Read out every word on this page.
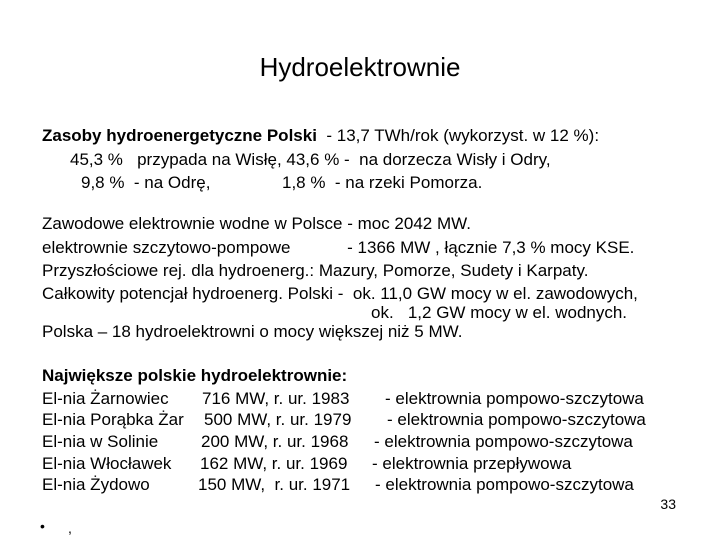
Hydroelektrownie
Zasoby hydroenergetyczne Polski  - 13,7 TWh/rok (wykorzyst. w 12 %):
45,3 %   przypada na Wisłę, 43,6 % -  na dorzecza Wisły i Odry,
9,8 %  - na Odrę,	1,8 %  - na rzeki Pomorza.
Zawodowe elektrownie wodne w Polsce - moc 2042 MW.
elektrownie szczytowo-pompowe            - 1366 MW , łącznie 7,3 % mocy KSE.
Przyszłościowe rej. dla hydroenerg.: Mazury, Pomorze, Sudety i Karpaty.
Całkowity potencjał hydroenerg. Polski -  ok. 11,0 GW mocy w el. zawodowych,
ok.   1,2 GW mocy w el. wodnych.
Polska – 18 hydroelektrowni o mocy większej niż 5 MW.
Największe polskie hydroelektrownie:
El-nia Żarnowiec 716 MW, r. ur. 1983 - elektrownia pompowo-szczytowa
El-nia Porąbka Żar 500 MW, r. ur. 1979 - elektrownia pompowo-szczytowa
El-nia w Solinie	200 MW, r. ur. 1968 - elektrownia pompowo-szczytowa
El-nia Włocławek 162 MW, r. ur. 1969 - elektrownia przepływowa
El-nia Żydowo	150 MW,  r. ur. 1971 - elektrownia pompowo-szczytowa
33
• ,
